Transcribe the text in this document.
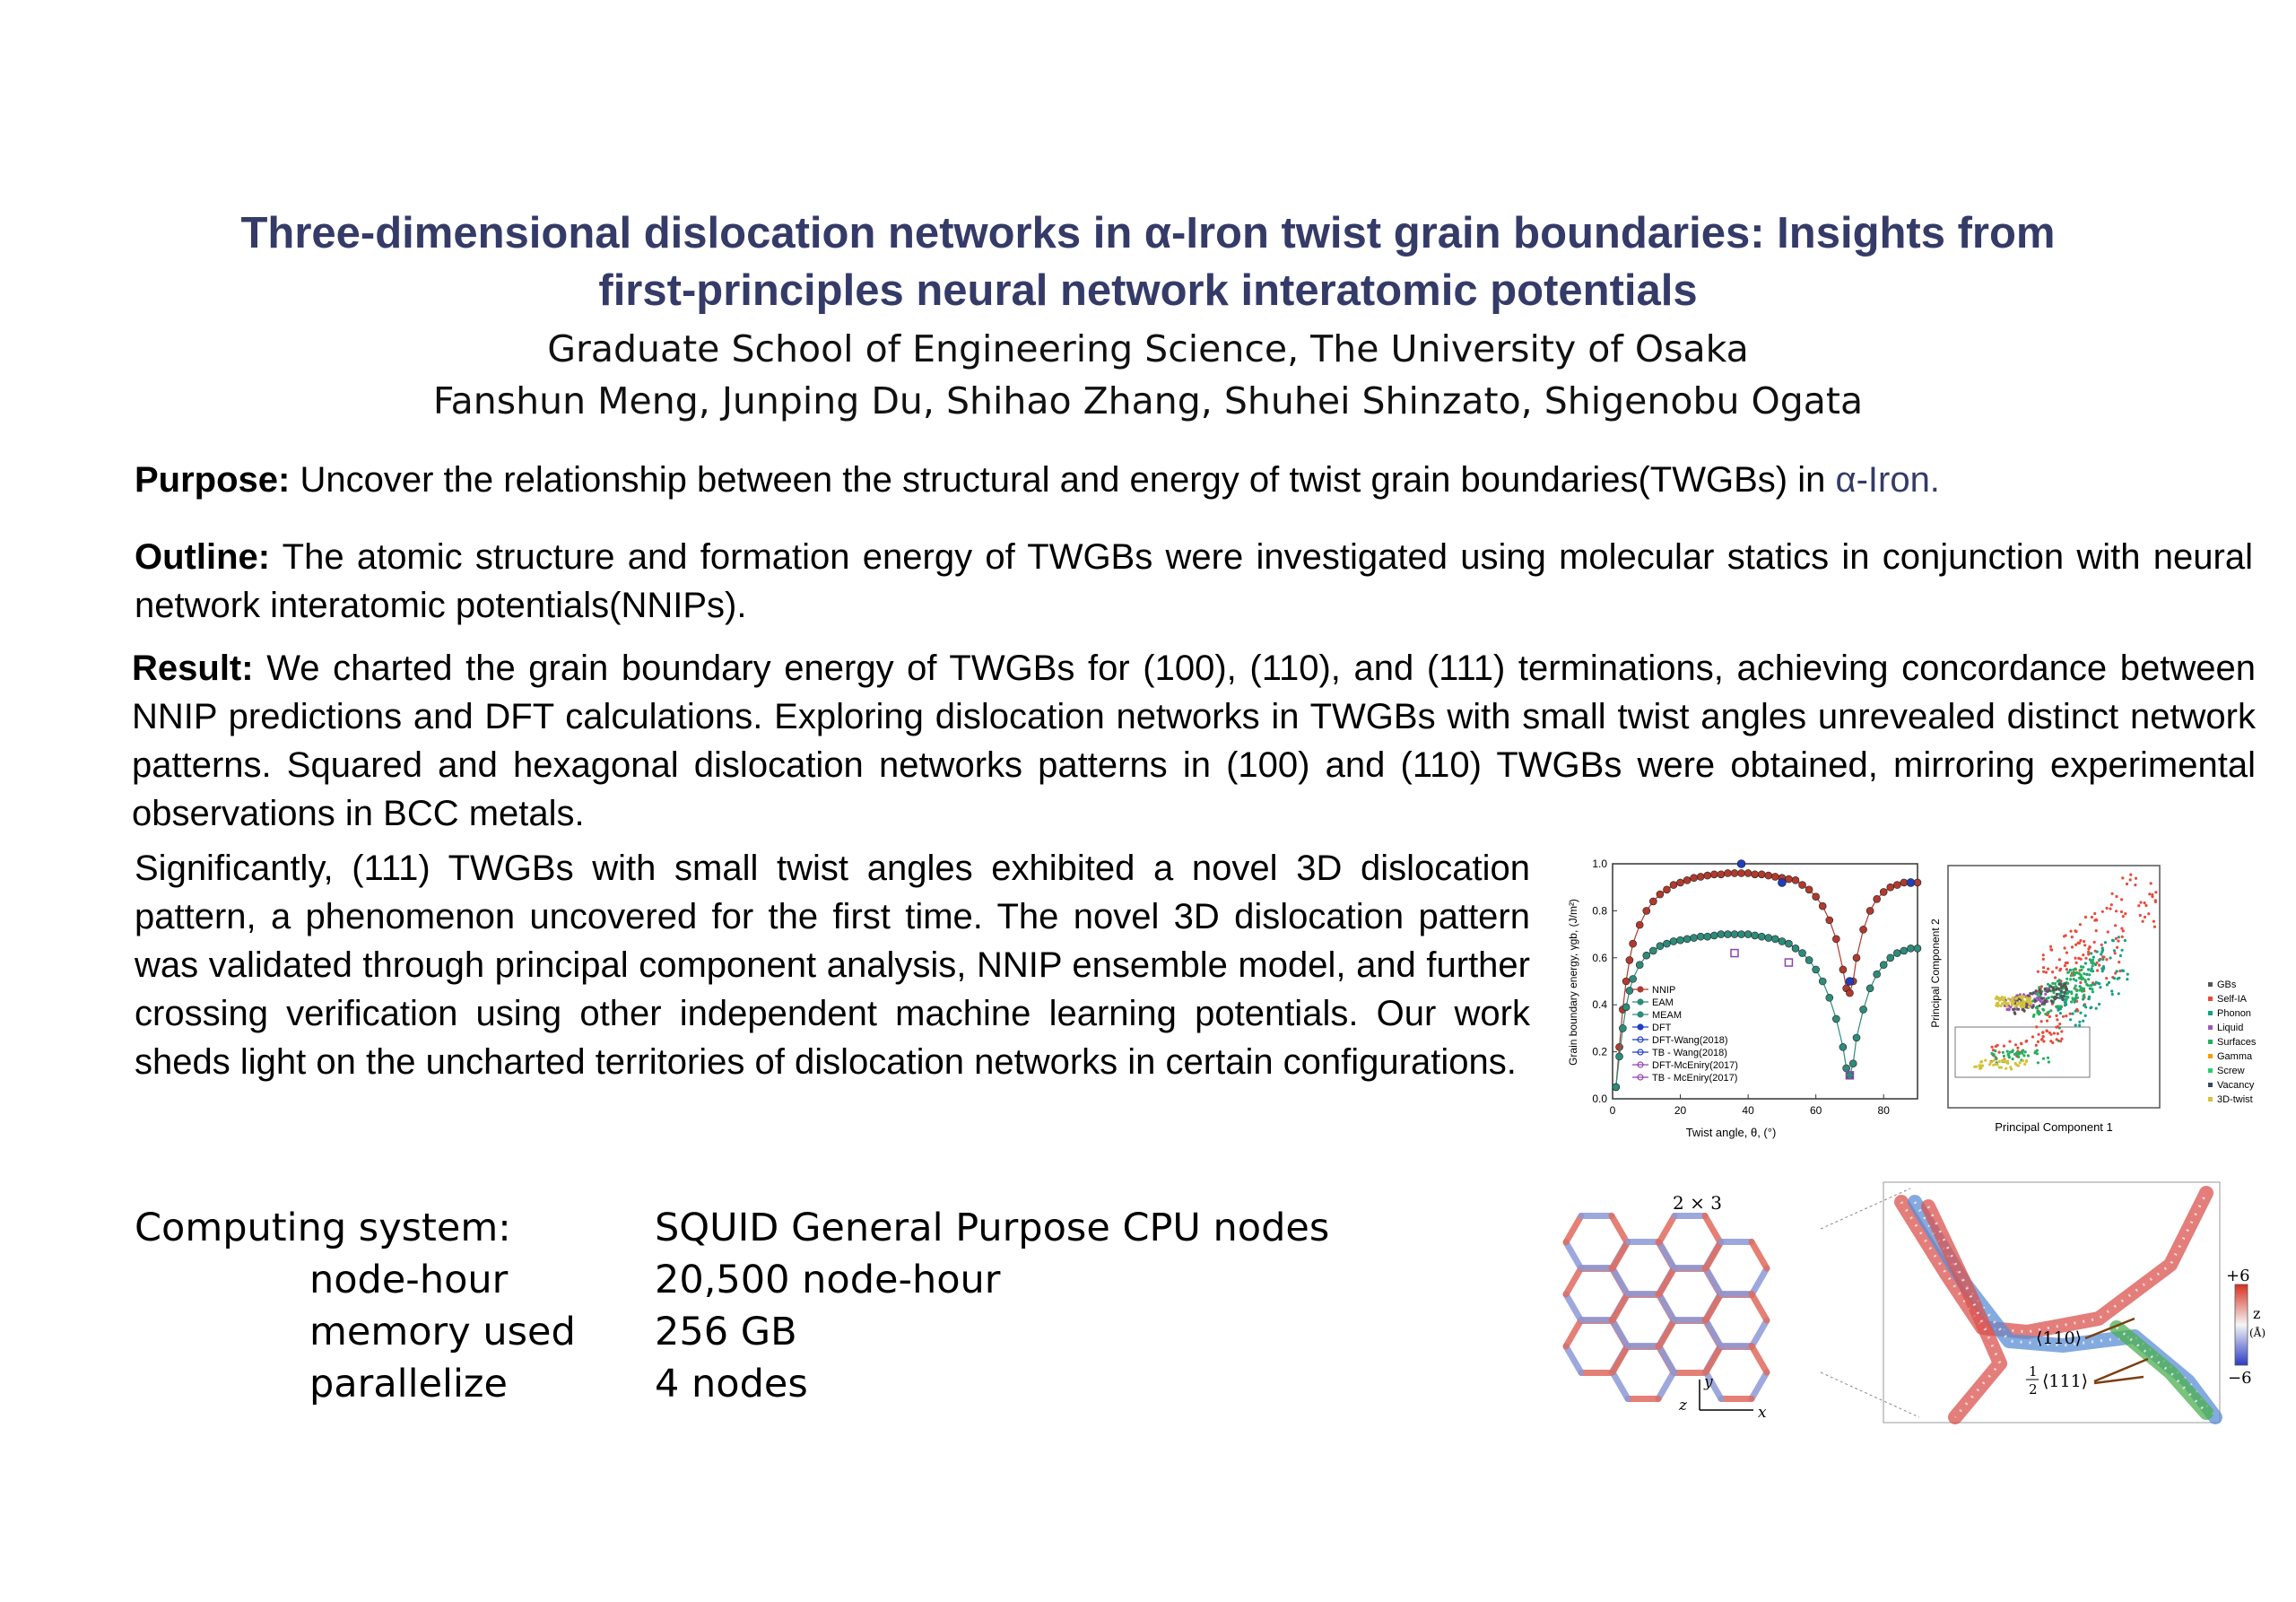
Three-dimensional dislocation networks in α-Iron twist grain boundaries: Insights from
first-principles neural network interatomic potentials
Graduate School of Engineering Science, The University of Osaka
Fanshun Meng, Junping Du, Shihao Zhang, Shuhei Shinzato, Shigenobu Ogata
Purpose: Uncover the relationship between the structural and energy of twist grain boundaries(TWGBs) in α-Iron.
Outline: The atomic structure and formation energy of TWGBs were investigated using molecular statics in conjunction with neural network interatomic potentials(NNIPs).
Result: We charted the grain boundary energy of TWGBs for (100), (110), and (111) terminations, achieving concordance between NNIP predictions and DFT calculations. Exploring dislocation networks in TWGBs with small twist angles unrevealed distinct network patterns. Squared and hexagonal dislocation networks patterns in (100) and (110) TWGBs were obtained, mirroring experimental observations in BCC metals.
Significantly, (111) TWGBs with small twist angles exhibited a novel 3D dislocation pattern, a phenomenon uncovered for the first time. The novel 3D dislocation pattern was validated through principal component analysis, NNIP ensemble model, and further crossing verification using other independent machine learning potentials. Our work sheds light on the uncharted territories of dislocation networks in certain configurations.
Computing system:	SQUID General Purpose CPU nodes
node-hour	20,500 node-hour
memory used 256 GB
parallelize	4 nodes
0	20	40	60	80
0.0
0.2
0.4
0.6
0.8
1.0
NNIP
EAM
MEAM
DFT
DFT-Wang(2018)
TB - Wang(2018)
DFT-McEniry(2017)
TB - McEniry(2017)
Twist angle, θ, (°)
Grain boundary energy, γgb, (J/m²)	GBs
Self-IA
Phonon
Liquid
Surfaces
Gamma
Screw
Vacancy
3D-twist
Principal Component 1
Principal Component 2
2 × 3
x
y
z
+6
−6
z
(Å)
⟨110⟩
1
2 ⟨111⟩
